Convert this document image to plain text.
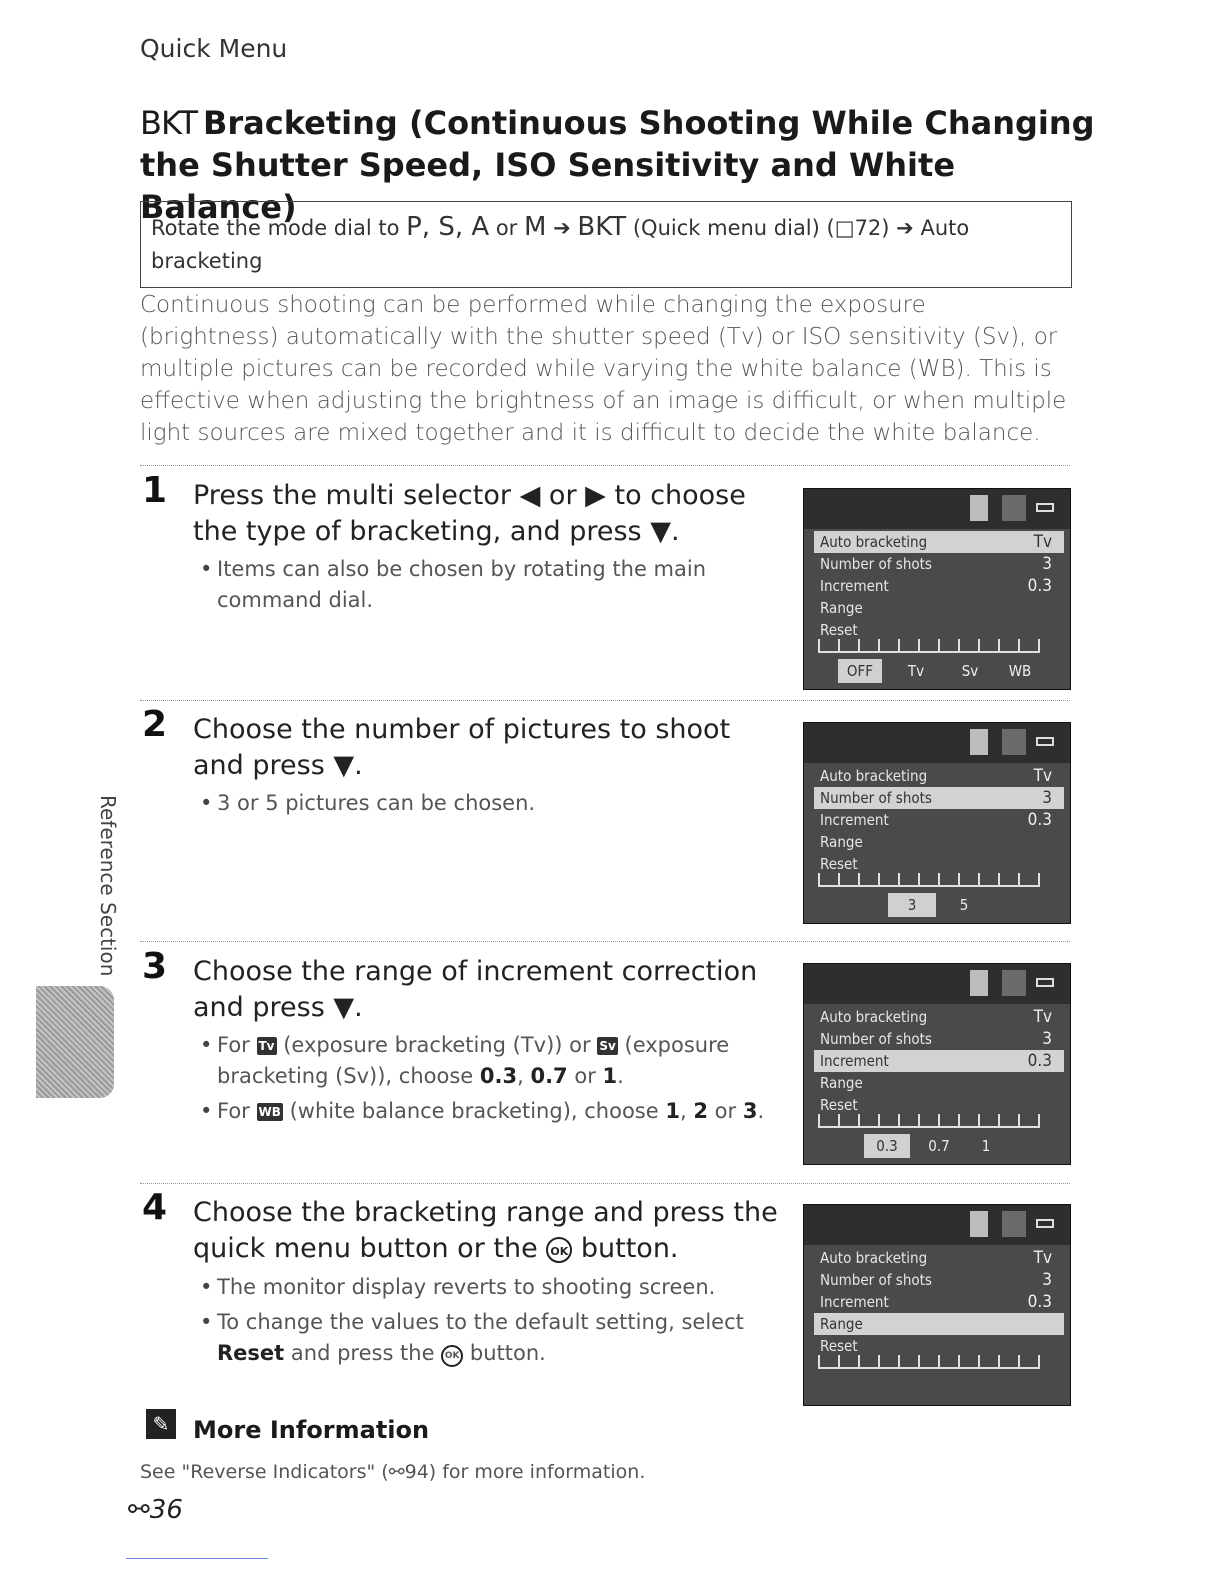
Quick Menu
BKT Bracketing (Continuous Shooting While Changing the Shutter Speed, ISO Sensitivity and White Balance)
Rotate the mode dial to P, S, A or M ➔ BKT (Quick menu dial) (□72) ➔ Auto bracketing

Continuous shooting can be performed while changing the exposure (brightness) automatically with the shutter speed (Tv) or ISO sensitivity (Sv), or multiple pictures can be recorded while varying the white balance (WB). This is effective when adjusting the brightness of an image is difficult, or when multiple light sources are mixed together and it is difficult to decide the white balance.

1 Press the multi selector ◀ or ▶ to choose the type of bracketing, and press ▼.
• Items can also be chosen by rotating the main command dial.
Auto bracketing	Tv
Number of shots	3
Increment	0.3
Range
Reset
OFF	Tv	Sv	WB
2 Choose the number of pictures to shoot and press ▼.
• 3 or 5 pictures can be chosen.
Auto bracketing	Tv
Number of shots	3
Increment	0.3
Range
Reset
3	5
3 Choose the range of increment correction and press ▼.
• For Tv (exposure bracketing (Tv)) or Sv (exposure bracketing (Sv)), choose 0.3, 0.7 or 1.
• For WB (white balance bracketing), choose 1, 2 or 3.
Auto bracketing	Tv
Number of shots	3
Increment	0.3
Range
Reset
0.3	0.7	1
4 Choose the bracketing range and press the quick menu button or the OK button.
• The monitor display reverts to shooting screen.
• To change the values to the default setting, select Reset and press the OK button.
Auto bracketing	Tv
Number of shots	3
Increment	0.3
Range
Reset
✎ More Information
See "Reverse Indicators" (⚯94) for more information.
⚯36
Reference Section
